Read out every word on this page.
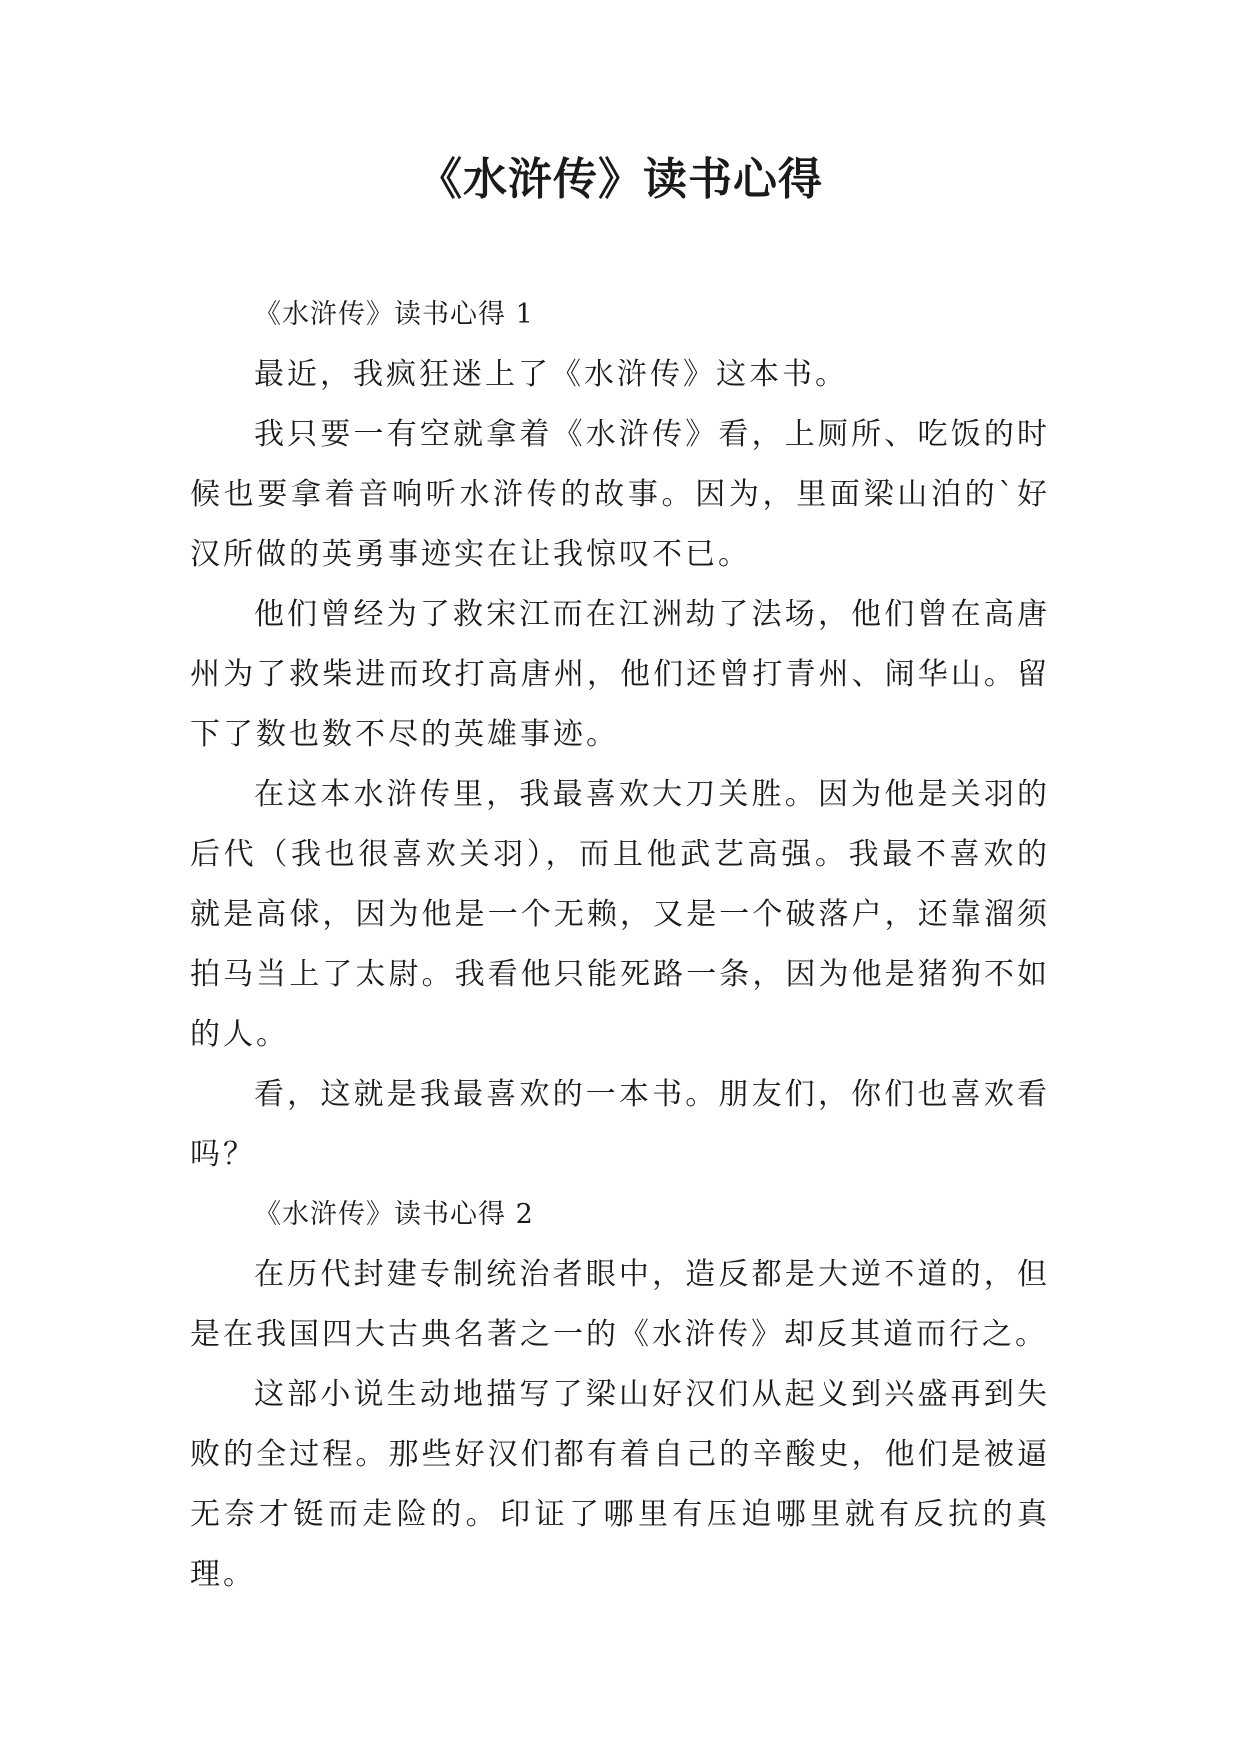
《水浒传》读书心得

《水浒传》读书心得 1

最近，我疯狂迷上了《水浒传》这本书。

我只要一有空就拿着《水浒传》看，上厕所、吃饭的时候也要拿着音响听水浒传的故事。因为，里面梁山泊的`好汉所做的英勇事迹实在让我惊叹不已。

他们曾经为了救宋江而在江洲劫了法场，他们曾在高唐州为了救柴进而玫打高唐州，他们还曾打青州、闹华山。留下了数也数不尽的英雄事迹。

在这本水浒传里，我最喜欢大刀关胜。因为他是关羽的后代（我也很喜欢关羽），而且他武艺高强。我最不喜欢的就是高俅，因为他是一个无赖，又是一个破落户，还靠溜须拍马当上了太尉。我看他只能死路一条，因为他是猪狗不如的人。

看，这就是我最喜欢的一本书。朋友们，你们也喜欢看吗？

《水浒传》读书心得 2

在历代封建专制统治者眼中，造反都是大逆不道的，但是在我国四大古典名著之一的《水浒传》却反其道而行之。

这部小说生动地描写了梁山好汉们从起义到兴盛再到失败的全过程。那些好汉们都有着自己的辛酸史，他们是被逼无奈才铤而走险的。印证了哪里有压迫哪里就有反抗的真理。
